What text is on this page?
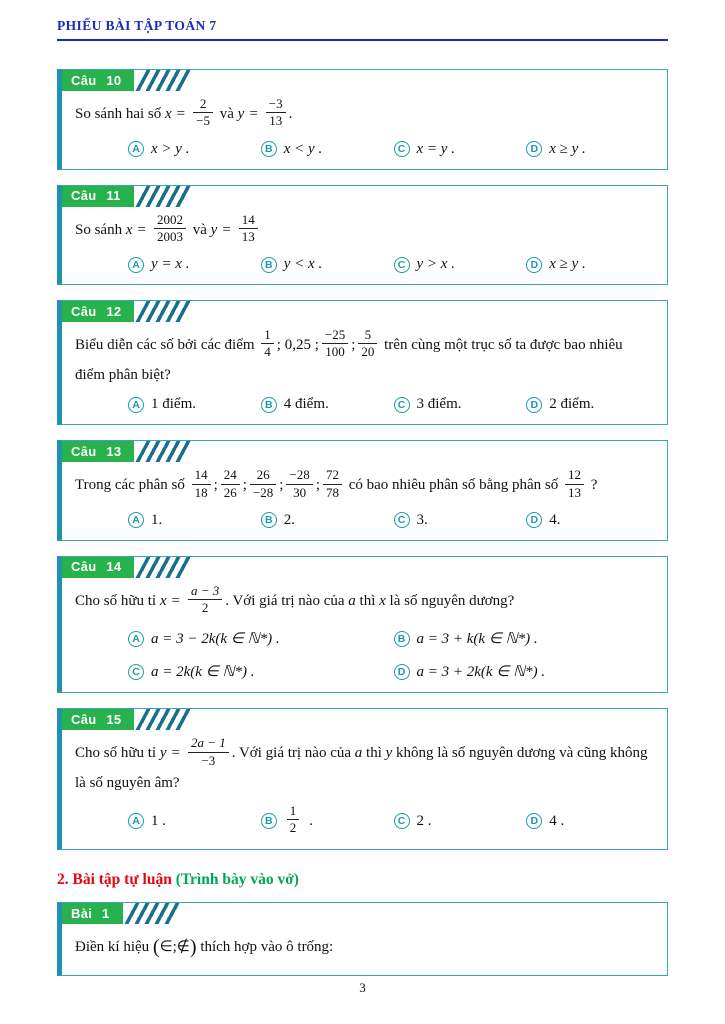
PHIẾU BÀI TẬP TOÁN 7
Câu 10
So sánh hai số $x = \frac{2}{-5}$ và $y = \frac{-3}{13}$ .
A x > y .	B x < y .	C x = y .	D x ≥ y .
Câu 11
So sánh $x = \frac{2002}{2003}$ và $y = \frac{14}{13}$
A y = x .	B y < x .	C y > x .	D x ≥ y .
Câu 12
Biểu diễn các số bởi các điểm $\frac{1}{4}$ ; 0,25 ; $\frac{-25}{100}$ ; $\frac{5}{20}$ trên cùng một trục số ta được bao nhiêu điểm phân biệt?
A 1 điểm.	B 4 điểm.	C 3 điểm.	D 2 điểm.
Câu 13
Trong các phân số $\frac{14}{18}$ ; $\frac{24}{26}$ ; $\frac{26}{-28}$ ; $\frac{-28}{30}$ ; $\frac{72}{78}$ có bao nhiêu phân số bằng phân số $\frac{12}{13}$ ?
A 1.	B 2.	C 3.	D 4.
Câu 14
Cho số hữu tỉ $x = \frac{a - 3}{2}$ . Với giá trị nào của a thì x là số nguyên dương?
A a = 3 − 2k(k ∈ ℕ*) .	B a = 3 + k(k ∈ ℕ*) .
C a = 2k(k ∈ ℕ*) .	D a = 3 + 2k(k ∈ ℕ*) .
Câu 15
Cho số hữu tỉ $y = \frac{2a - 1}{-3}$ . Với giá trị nào của a thì y không là số nguyên dương và cũng không là số nguyên âm?
A 1 .	B	$\frac{1}{2}$ .	C 2 .	D 4 .
2. Bài tập tự luận (Trình bày vào vở)
Bài 1
Điền kí hiệu (∈;∉) thích hợp vào ô trống:
3
